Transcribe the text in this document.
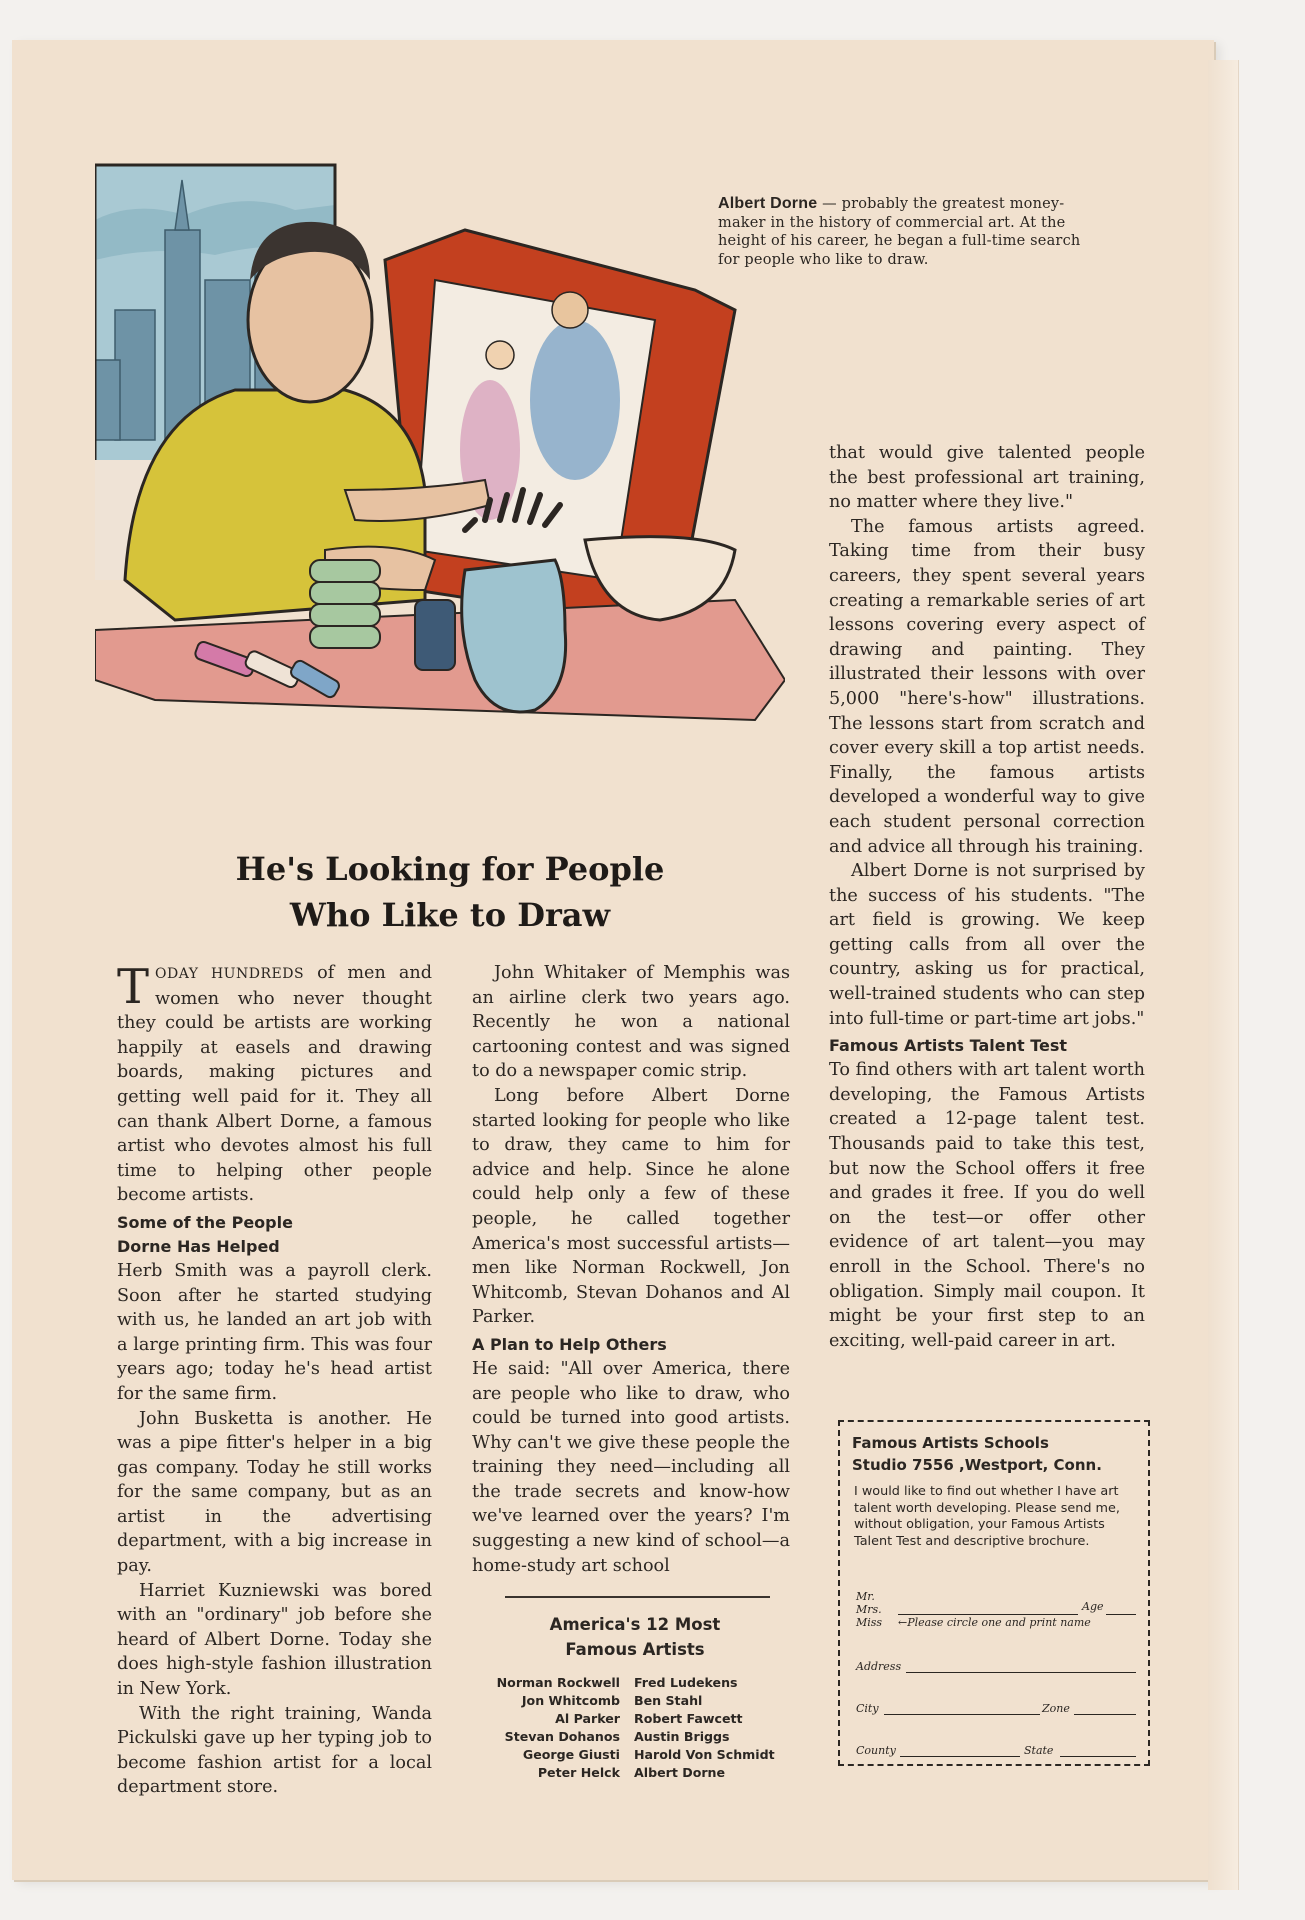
Albert Dorne — probably the greatest money-maker in the history of commercial art. At the height of his career, he began a full-time search for people who like to draw.
He's Looking for People
Who Like to Draw

TODAY HUNDREDS of men and women who never thought they could be artists are working happily at easels and drawing boards, making pictures and getting well paid for it. They all can thank Albert Dorne, a famous artist who devotes almost his full time to helping other people become artists.

Some of the People
Dorne Has Helped

Herb Smith was a payroll clerk. Soon after he started studying with us, he landed an art job with a large printing firm. This was four years ago; today he's head artist for the same firm.

John Busketta is another. He was a pipe fitter's helper in a big gas company. Today he still works for the same company, but as an artist in the advertising department, with a big increase in pay.

Harriet Kuzniewski was bored with an "ordinary" job before she heard of Albert Dorne. Today she does high-style fashion illustration in New York.

With the right training, Wanda Pickulski gave up her typing job to become fashion artist for a local department store.

John Whitaker of Memphis was an airline clerk two years ago. Recently he won a national cartooning contest and was signed to do a newspaper comic strip.

Long before Albert Dorne started looking for people who like to draw, they came to him for advice and help. Since he alone could help only a few of these people, he called together America's most successful artists—men like Norman Rockwell, Jon Whitcomb, Stevan Dohanos and Al Parker.

A Plan to Help Others

He said: "All over America, there are people who like to draw, who could be turned into good artists. Why can't we give these people the training they need—including all the trade secrets and know-how we've learned over the years? I'm suggesting a new kind of school—a home-study art school

America's 12 Most
Famous Artists
Norman Rockwell	Fred Ludekens
Jon Whitcomb	Ben Stahl
Al Parker	Robert Fawcett
Stevan Dohanos	Austin Briggs
George Giusti	Harold Von Schmidt
Peter Helck	Albert Dorne

that would give talented people the best professional art training, no matter where they live."

The famous artists agreed. Taking time from their busy careers, they spent several years creating a remarkable series of art lessons covering every aspect of drawing and painting. They illustrated their lessons with over 5,000 "here's-how" illustrations. The lessons start from scratch and cover every skill a top artist needs. Finally, the famous artists developed a wonderful way to give each student personal correction and advice all through his training.

Albert Dorne is not surprised by the success of his students. "The art field is growing. We keep getting calls from all over the country, asking us for practical, well-trained students who can step into full-time or part-time art jobs."

Famous Artists Talent Test

To find others with art talent worth developing, the Famous Artists created a 12-page talent test. Thousands paid to take this test, but now the School offers it free and grades it free. If you do well on the test—or offer other evidence of art talent—you may enroll in the School. There's no obligation. Simply mail coupon. It might be your first step to an exciting, well-paid career in art.

Famous Artists Schools
Studio 7556 ,Westport, Conn.
I would like to find out whether I have art talent worth developing. Please send me, without obligation, your Famous Artists Talent Test and descriptive brochure.
Mr.
Mrs.
Miss ←Please circle one and print name
Age
Address
City	Zone
County	State
